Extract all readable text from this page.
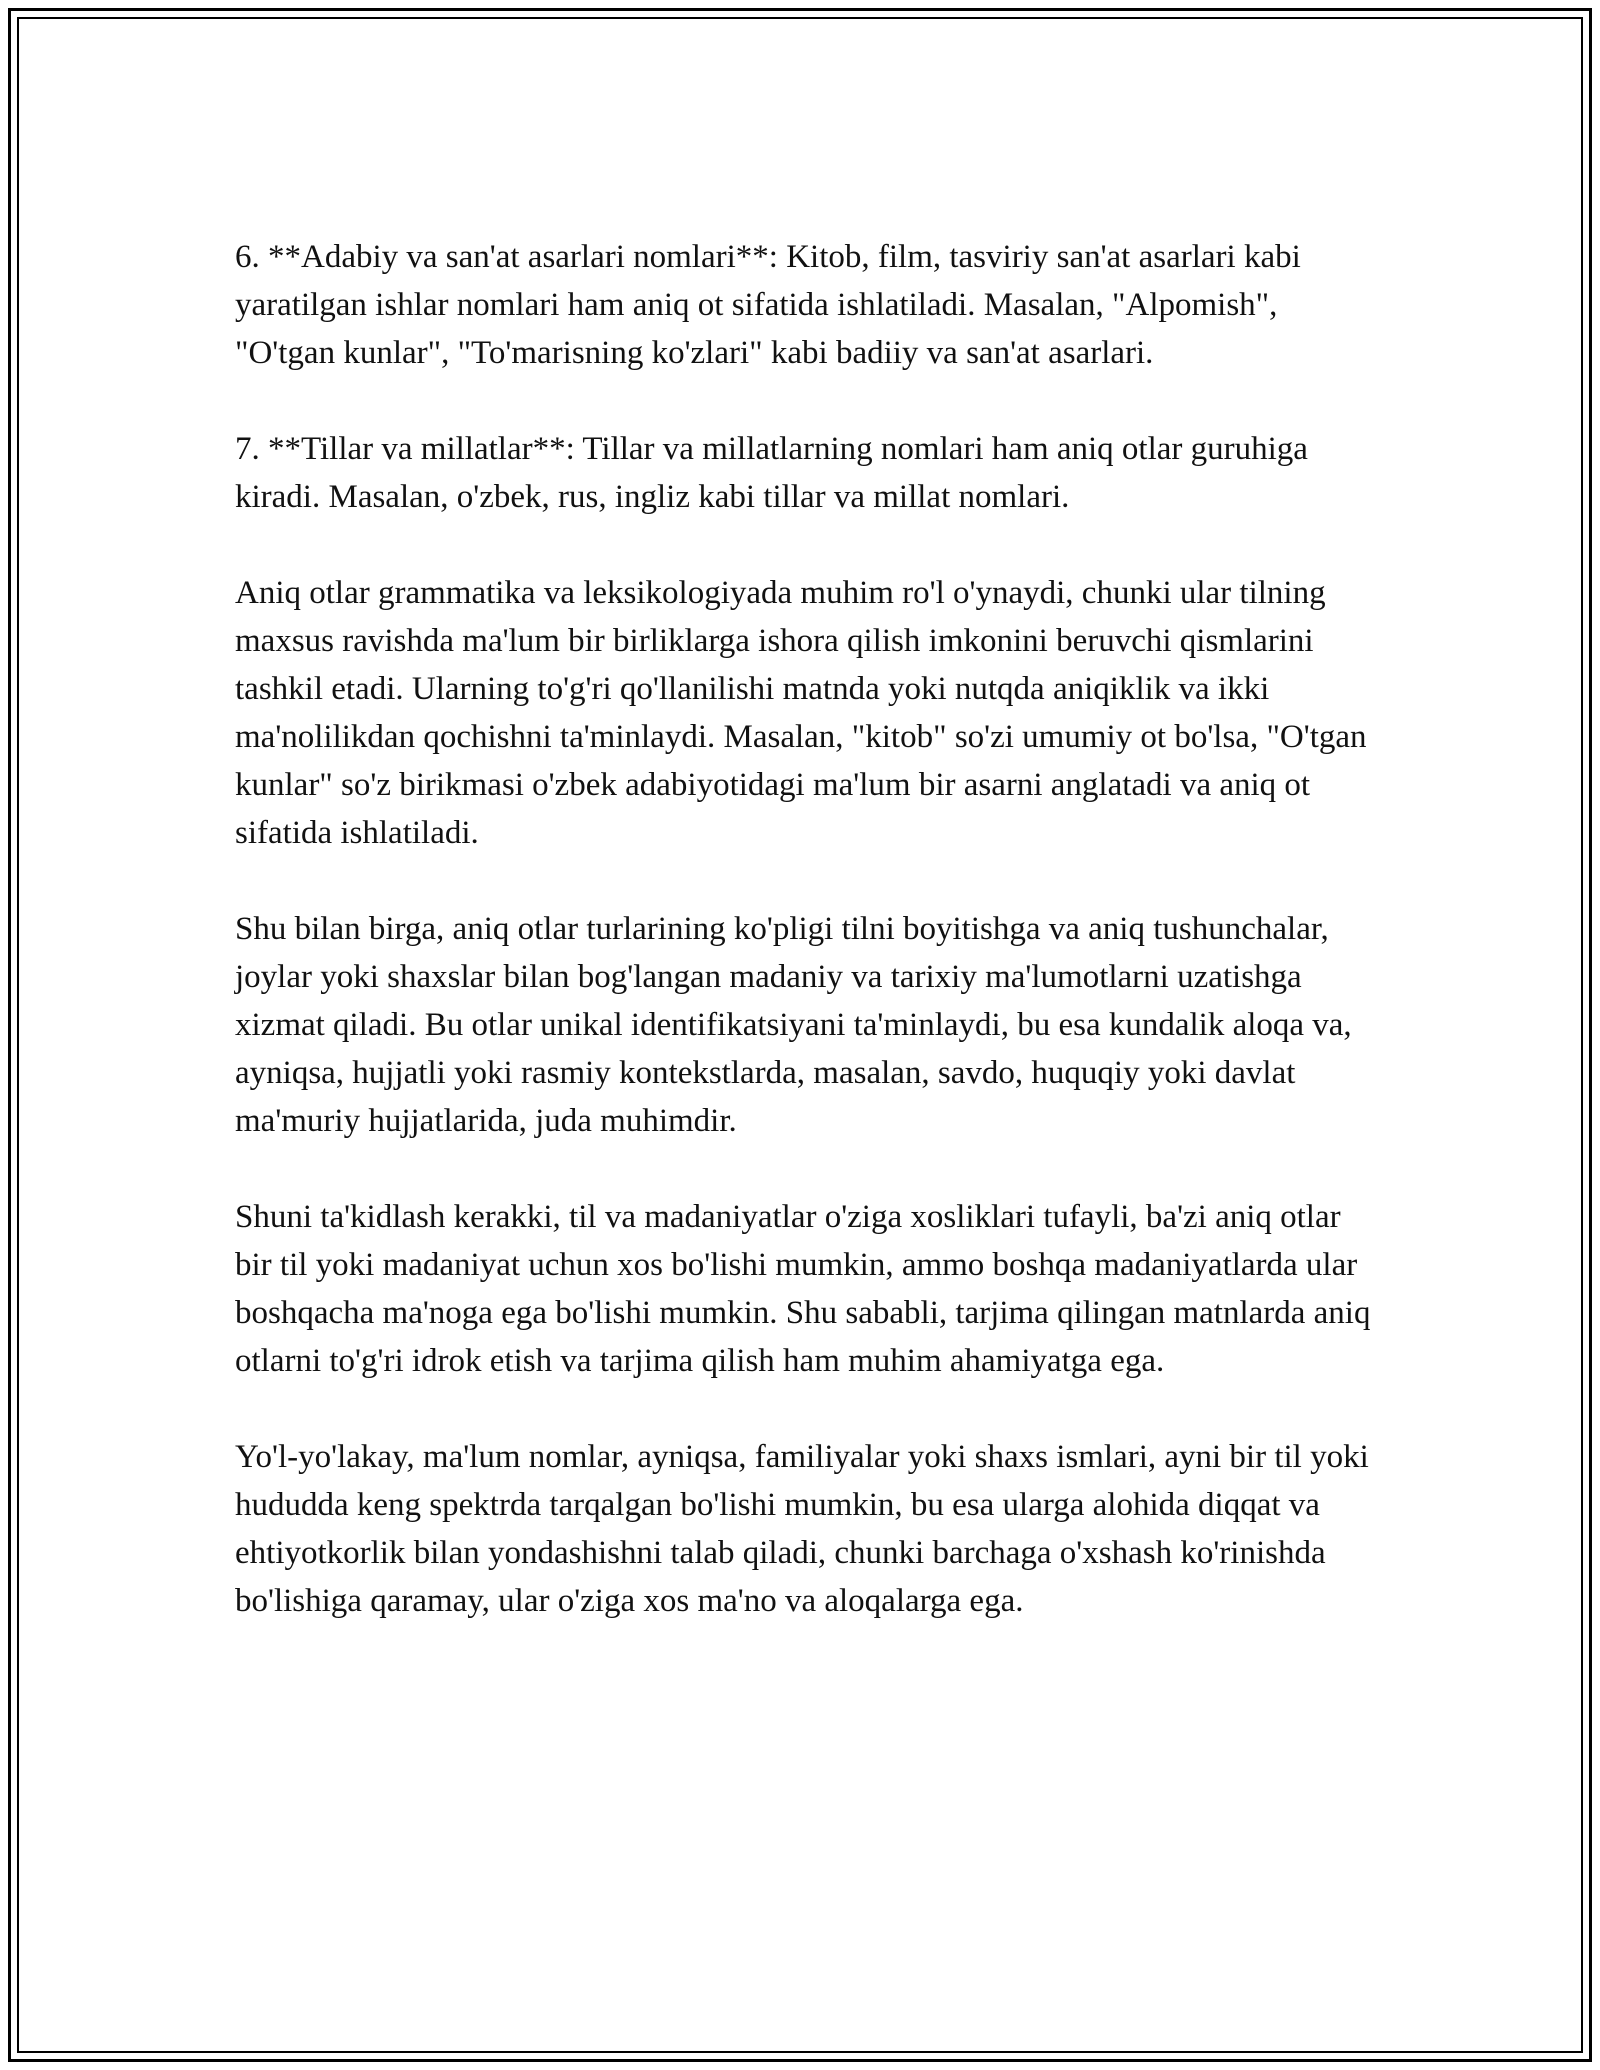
6. **Adabiy va san'at asarlari nomlari**: Kitob, film, tasviriy san'at asarlari kabi yaratilgan ishlar nomlari ham aniq ot sifatida ishlatiladi. Masalan, "Alpomish", "O'tgan kunlar", "To'marisning ko'zlari" kabi badiiy va san'at asarlari.

7. **Tillar va millatlar**: Tillar va millatlarning nomlari ham aniq otlar guruhiga kiradi. Masalan, o'zbek, rus, ingliz kabi tillar va millat nomlari.

Aniq otlar grammatika va leksikologiyada muhim ro'l o'ynaydi, chunki ular tilning maxsus ravishda ma'lum bir birliklarga ishora qilish imkonini beruvchi qismlarini tashkil etadi. Ularning to'g'ri qo'llanilishi matnda yoki nutqda aniqiklik va ikki ma'nolilikdan qochishni ta'minlaydi. Masalan, "kitob" so'zi umumiy ot bo'lsa, "O'tgan kunlar" so'z birikmasi o'zbek adabiyotidagi ma'lum bir asarni anglatadi va aniq ot sifatida ishlatiladi.

Shu bilan birga, aniq otlar turlarining ko'pligi tilni boyitishga va aniq tushunchalar, joylar yoki shaxslar bilan bog'langan madaniy va tarixiy ma'lumotlarni uzatishga xizmat qiladi. Bu otlar unikal identifikatsiyani ta'minlaydi, bu esa kundalik aloqa va, ayniqsa, hujjatli yoki rasmiy kontekstlarda, masalan, savdo, huquqiy yoki davlat ma'muriy hujjatlarida, juda muhimdir.

Shuni ta'kidlash kerakki, til va madaniyatlar o'ziga xosliklari tufayli, ba'zi aniq otlar bir til yoki madaniyat uchun xos bo'lishi mumkin, ammo boshqa madaniyatlarda ular boshqacha ma'noga ega bo'lishi mumkin. Shu sababli, tarjima qilingan matnlarda aniq otlarni to'g'ri idrok etish va tarjima qilish ham muhim ahamiyatga ega.

Yo'l-yo'lakay, ma'lum nomlar, ayniqsa, familiyalar yoki shaxs ismlari, ayni bir til yoki hududda keng spektrda tarqalgan bo'lishi mumkin, bu esa ularga alohida diqqat va ehtiyotkorlik bilan yondashishni talab qiladi, chunki barchaga o'xshash ko'rinishda bo'lishiga qaramay, ular o'ziga xos ma'no va aloqalarga ega.
